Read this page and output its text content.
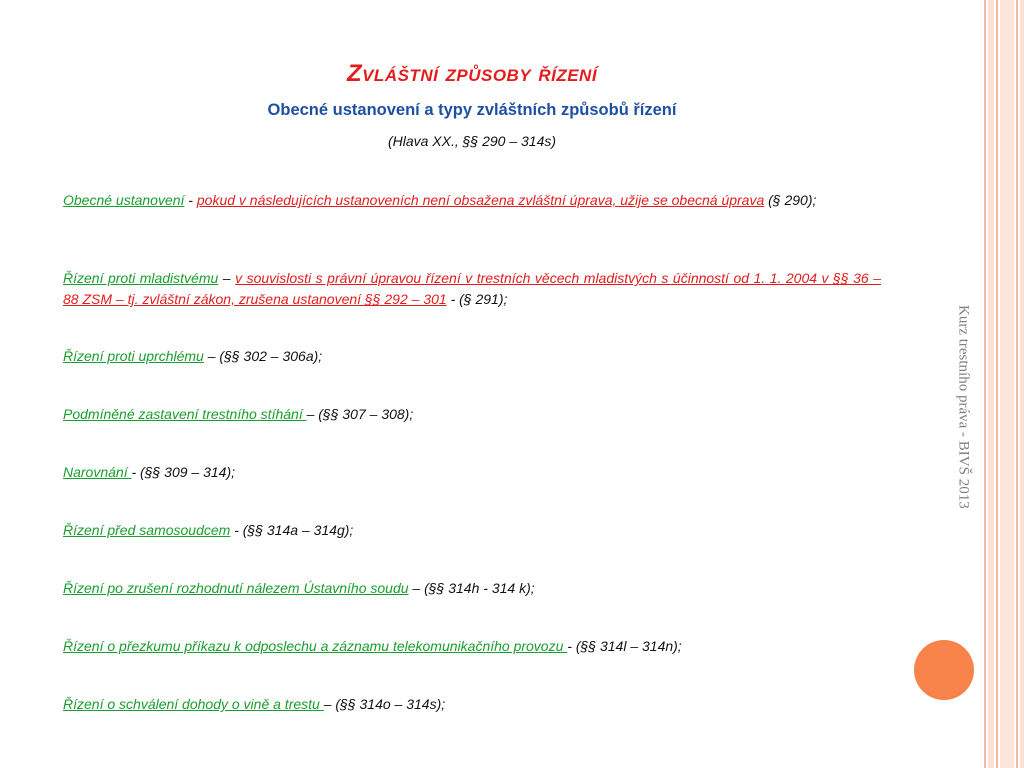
Kurz trestního práva - BIVŠ 2013
Zvláštní způsoby řízení
Obecné ustanovení a typy zvláštních způsobů řízení
(Hlava XX., §§ 290 – 314s)
Obecné ustanovení - pokud v následujících ustanoveních není obsažena zvláštní úprava, užije se obecná úprava (§ 290);
Řízení proti mladistvému – v souvislosti s právní úpravou řízení v trestních věcech mladistvých s účinností od 1. 1. 2004 v §§ 36 – 88 ZSM – tj. zvláštní zákon, zrušena ustanovení §§ 292 – 301 - (§ 291);
Řízení proti uprchlému – (§§ 302 – 306a);
Podmíněné zastavení trestního stíhání – (§§ 307 – 308);
Narovnání - (§§ 309 – 314);
Řízení před samosoudcem - (§§ 314a – 314g);
Řízení po zrušení rozhodnutí nálezem Ústavního soudu – (§§ 314h - 314 k);
Řízení o přezkumu příkazu k odposlechu a záznamu telekomunikačního provozu - (§§ 314l – 314n);
Řízení o schválení dohody o vině a trestu – (§§ 314o – 314s);
